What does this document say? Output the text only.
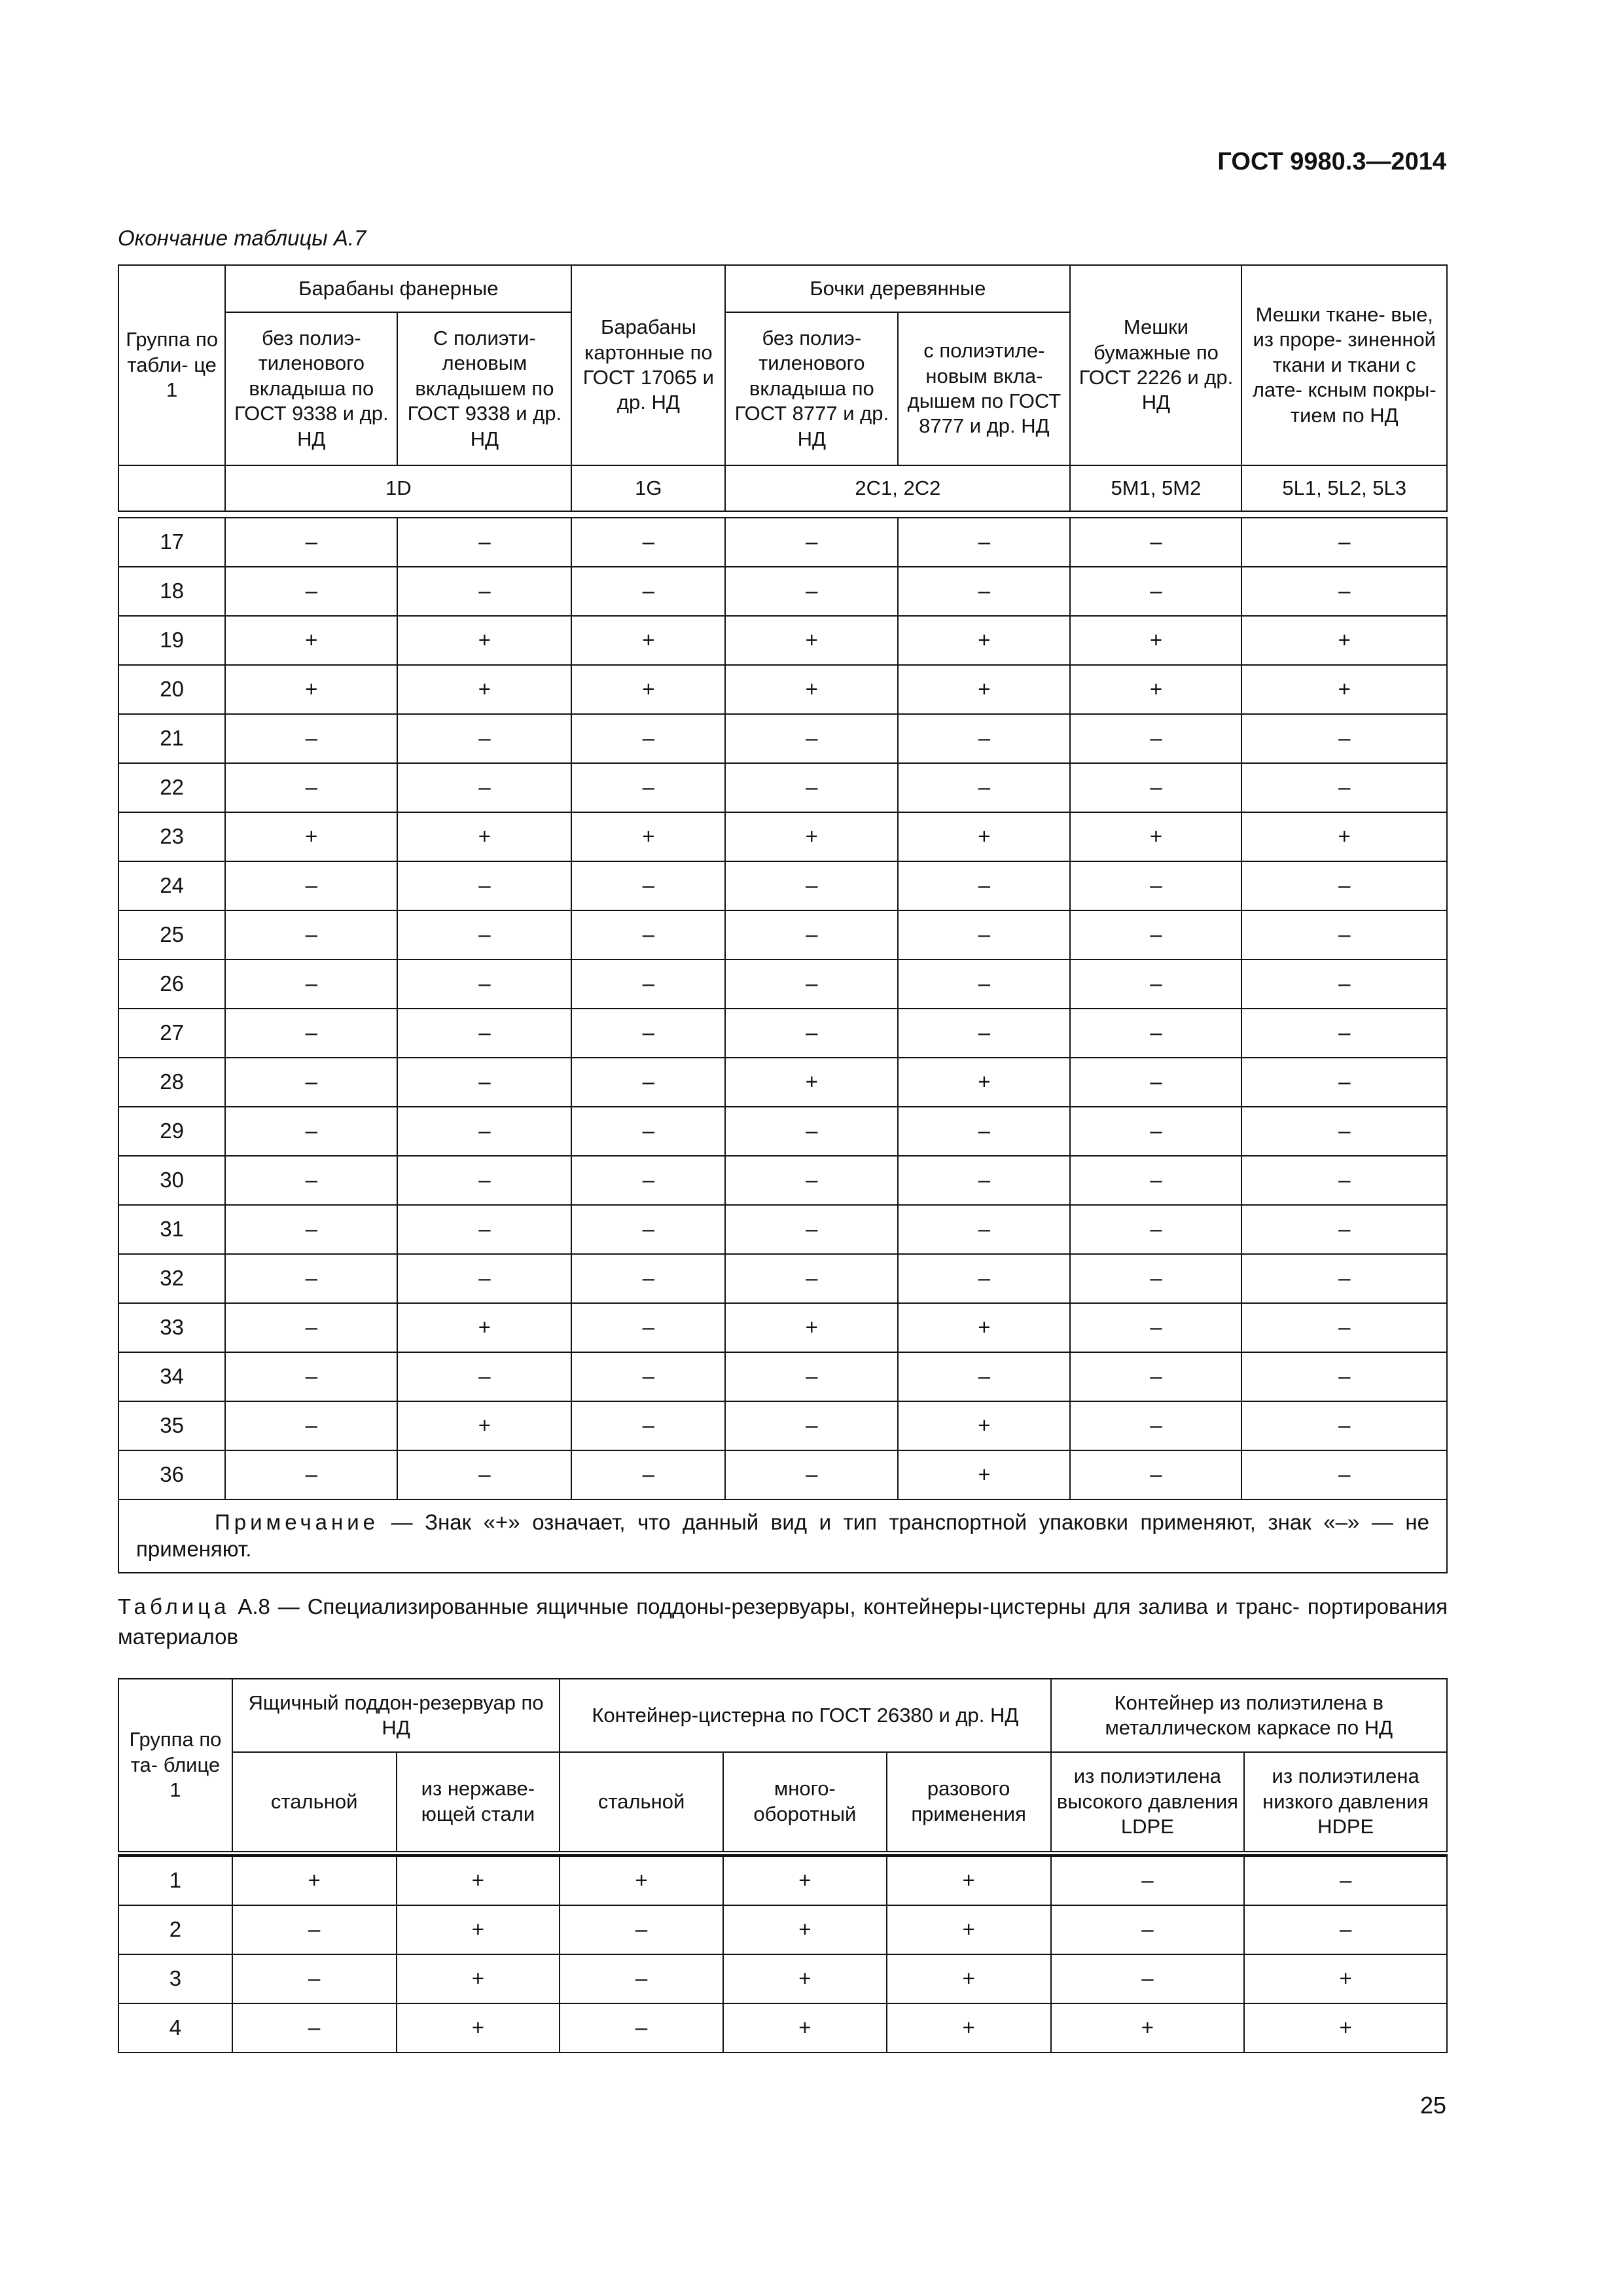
ГОСТ 9980.3—2014
Окончание таблицы А.7
Группа по табли- це 1	Барабаны фанерные		Барабаны картонные по ГОСТ 17065 и др. НД	Бочки деревянные		Мешки бумажные по ГОСТ 2226 и др. НД	Мешки ткане- вые, из проре- зиненной ткани и ткани с лате- ксным покры- тием по НД
	без полиэ- тиленового вкладыша по ГОСТ 9338 и др. НД	С полиэти- леновым вкладышем по ГОСТ 9338 и др. НД		без полиэ- тиленового вкладыша по ГОСТ 8777 и др. НД	с полиэтиле- новым вкла- дышем по ГОСТ 8777 и др. НД		
	1D		1G	2C1, 2C2		5M1, 5M2	5L1, 5L2, 5L3

17	–	–	–	–	–	–	–
18	–	–	–	–	–	–	–
19	+	+	+	+	+	+	+
20	+	+	+	+	+	+	+
21	–	–	–	–	–	–	–
22	–	–	–	–	–	–	–
23	+	+	+	+	+	+	+
24	–	–	–	–	–	–	–
25	–	–	–	–	–	–	–
26	–	–	–	–	–	–	–
27	–	–	–	–	–	–	–
28	–	–	–	+	+	–	–
29	–	–	–	–	–	–	–
30	–	–	–	–	–	–	–
31	–	–	–	–	–	–	–
32	–	–	–	–	–	–	–
33	–	+	–	+	+	–	–
34	–	–	–	–	–	–	–
35	–	+	–	–	+	–	–
36	–	–	–	–	+	–	–

Примечание — Знак «+» означает, что данный вид и тип транспортной упаковки применяют, знак «–» — не применяют.							
Таблица А.8 — Специализированные ящичные поддоны-резервуары, контейнеры-цистерны для залива и транс- портирования материалов
Группа по та- блице 1	Ящичный поддон-резервуар по НД		Контейнер-цистерна по ГОСТ 26380 и др. НД			Контейнер из полиэтилена в металлическом каркасе по НД	
	стальной	из нержаве- ющей стали	стальной	много- оборотный	разового применения	из полиэтилена высокого давления LDPE	из полиэтилена низкого давления HDPE

1	+	+	+	+	+	–	–
2	–	+	–	+	+	–	–
3	–	+	–	+	+	–	+
4	–	+	–	+	+	+	+
25
